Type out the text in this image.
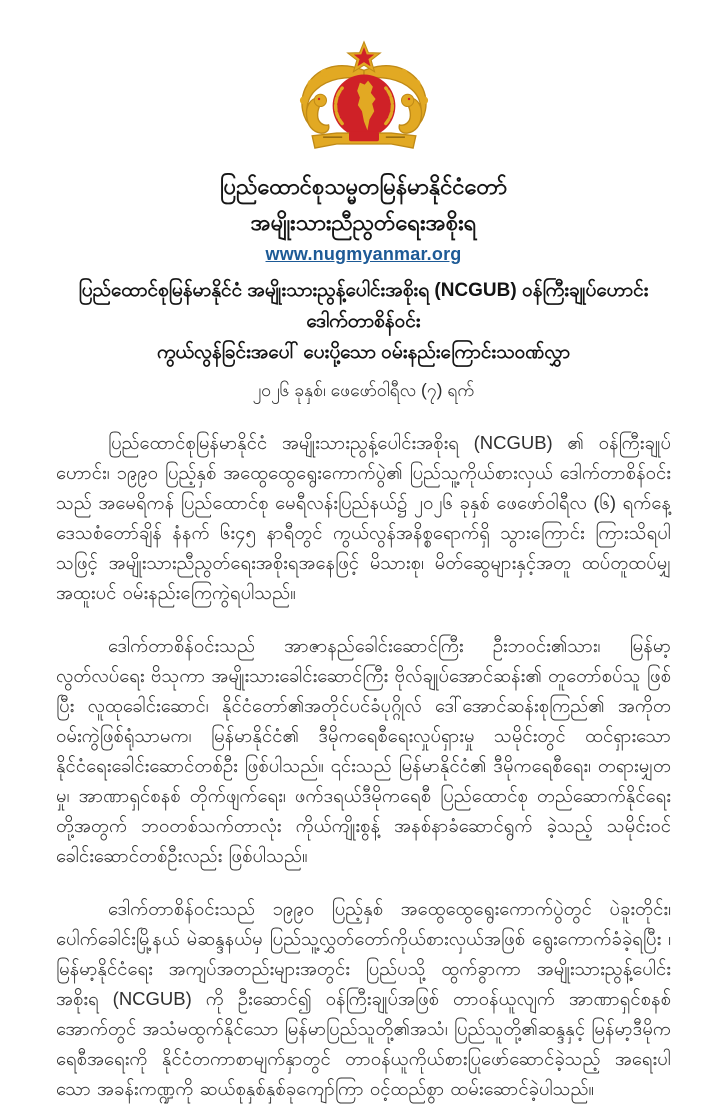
ပြည်ထောင်စုသမ္မတမြန်မာနိုင်ငံတော်
အမျိုးသားညီညွတ်ရေးအစိုးရ
www.nugmyanmar.org
ပြည်ထောင်စုမြန်မာနိုင်ငံ အမျိုးသားညွန့်ပေါင်းအစိုးရ (NCGUB) ဝန်ကြီးချုပ်ဟောင်း ဒေါက်တာစိန်ဝင်း
ကွယ်လွန်ခြင်းအပေါ် ပေးပို့သော ဝမ်းနည်းကြောင်းသဝဏ်လွှာ
၂၀၂၆ ခုနှစ်၊ ဖေဖော်ဝါရီလ (၇) ရက်

ပြည်ထောင်စုမြန်မာနိုင်ငံ အမျိုးသားညွန့်ပေါင်းအစိုးရ (NCGUB) ၏ ဝန်ကြီးချုပ်ဟောင်း၊ ၁၉၉၀ ပြည့်နှစ် အထွေထွေရွေးကောက်ပွဲ၏ ပြည်သူ့ကိုယ်စားလှယ် ဒေါက်တာစိန်ဝင်းသည် အမေရိကန် ပြည်ထောင်စု မေရီလန်းပြည်နယ်၌ ၂၀၂၆ ခုနှစ် ဖေဖော်ဝါရီလ (၆) ရက်နေ့ ဒေသစံတော်ချိန် နံနက် ၆း၄၅ နာရီတွင် ကွယ်လွန်အနိစ္စရောက်ရှိ သွားကြောင်း ကြားသိရပါသဖြင့် အမျိုးသားညီညွတ်ရေးအစိုးရအနေဖြင့် မိသားစု၊ မိတ်ဆွေများနှင့်အတူ ထပ်တူထပ်မျှ အထူးပင် ဝမ်းနည်းကြေကွဲရပါသည်။

ဒေါက်တာစိန်ဝင်းသည် အာဇာနည်ခေါင်းဆောင်ကြီး ဦးဘဝင်း၏သား၊ မြန်မာ့လွတ်လပ်ရေး ဗိသုကာ အမျိုးသားခေါင်းဆောင်ကြီး ဗိုလ်ချုပ်အောင်ဆန်း၏ တူတော်စပ်သူ ဖြစ်ပြီး လူထုခေါင်းဆောင်၊ နိုင်ငံတော်၏အတိုင်ပင်ခံပုဂ္ဂိုလ် ဒေါ်အောင်ဆန်းစုကြည်၏ အကိုတဝမ်းကွဲဖြစ်ရုံသာမက၊ မြန်မာနိုင်ငံ၏ ဒီမိုကရေစီရေးလှုပ်ရှားမှု သမိုင်းတွင် ထင်ရှားသော နိုင်ငံရေးခေါင်းဆောင်တစ်ဦး ဖြစ်ပါသည်။ ၎င်းသည် မြန်မာနိုင်ငံ၏ ဒီမိုကရေစီရေး၊ တရားမျှတမှု၊ အာဏာရှင်စနစ် တိုက်ဖျက်ရေး၊ ဖက်ဒရယ်ဒီမိုကရေစီ ပြည်ထောင်စု တည်ဆောက်နိုင်ရေးတို့အတွက် ဘဝတစ်သက်တာလုံး ကိုယ်ကျိုးစွန့် အနစ်နာခံဆောင်ရွက် ခဲ့သည့် သမိုင်းဝင်ခေါင်းဆောင်တစ်ဦးလည်း ဖြစ်ပါသည်။

ဒေါက်တာစိန်ဝင်းသည် ၁၉၉၀ ပြည့်နှစ် အထွေထွေရွေးကောက်ပွဲတွင် ပဲခူးတိုင်း၊ ပေါက်ခေါင်းမြို့နယ် မဲဆန္ဒနယ်မှ ပြည်သူ့လွှတ်တော်ကိုယ်စားလှယ်အဖြစ် ရွေးကောက်ခံခဲ့ရပြီး ၊ မြန်မာ့နိုင်ငံရေး အကျပ်အတည်းများအတွင်း ပြည်ပသို့ ထွက်ခွာကာ အမျိုးသားညွန့်ပေါင်းအစိုးရ (NCGUB) ကို ဦးဆောင်၍ ဝန်ကြီးချုပ်အဖြစ် တာဝန်ယူလျက် အာဏာရှင်စနစ်အောက်တွင် အသံမထွက်နိုင်သော မြန်မာပြည်သူတို့၏အသံ၊ ပြည်သူတို့၏ဆန္ဒနှင့် မြန်မာ့ဒီမိုကရေစီအရေးကို နိုင်ငံတကာစာမျက်နှာတွင် တာဝန်ယူကိုယ်စားပြုဖော်ဆောင်ခဲ့သည့် အရေးပါသော အခန်းကဏ္ဍကို ဆယ်စုနှစ်နှစ်ခုကျော်ကြာ ဝင့်ထည်စွာ ထမ်းဆောင်ခဲ့ပါသည်။
